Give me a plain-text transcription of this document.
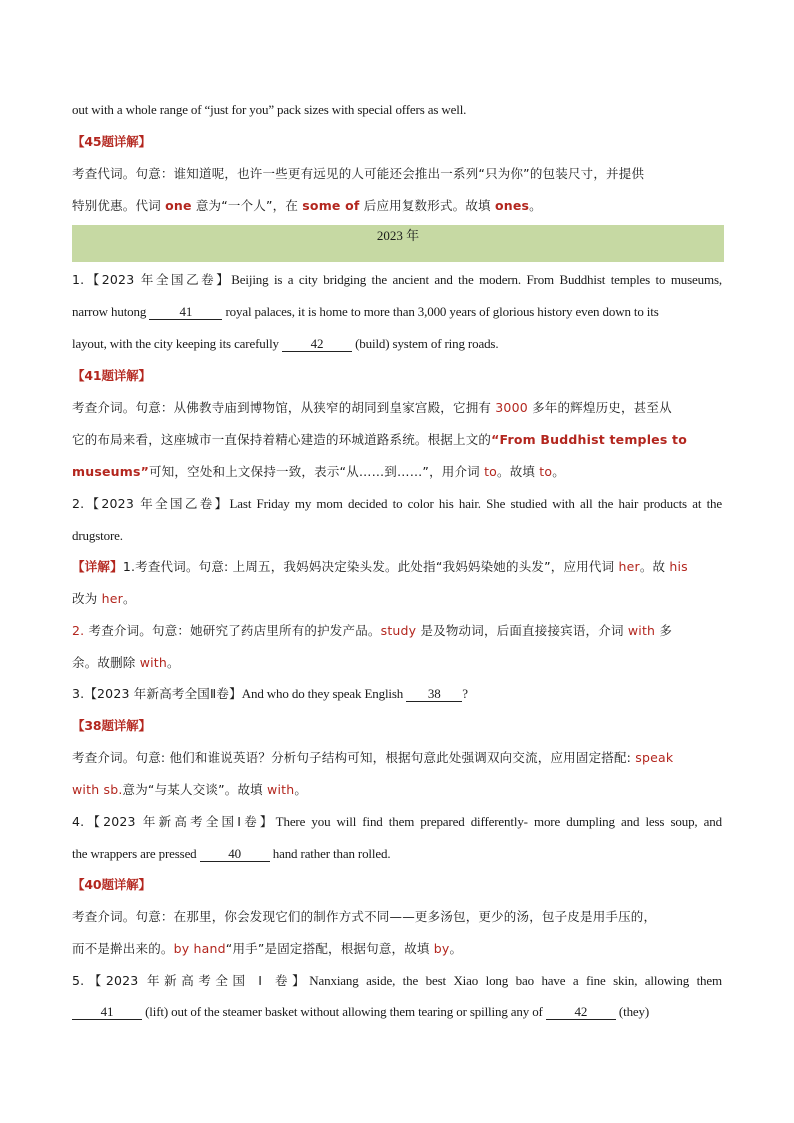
out with a whole range of “just for you” pack sizes with special offers as well.
【45题详解】
考查代词。句意：谁知道呢，也许一些更有远见的人可能还会推出一系列“只为你”的包装尺寸，并提供
特别优惠。代词 one 意为“一个人”，在 some of 后应用复数形式。故填 ones。
2023 年
1.【2023 年全国乙卷】Beijing is a city bridging the ancient and the modern. From Buddhist temples to museums,
narrow hutong 41 royal palaces, it is home to more than 3,000 years of glorious history even down to its
layout, with the city keeping its carefully 42 (build) system of ring roads.
【41题详解】
考查介词。句意：从佛教寺庙到博物馆，从狭窄的胡同到皇家宫殿，它拥有 3000 多年的辉煌历史，甚至从
它的布局来看，这座城市一直保持着精心建造的环城道路系统。根据上文的“From Buddhist temples to
museums”可知，空处和上文保持一致，表示“从……到……”，用介词 to。故填 to。
2.【2023 年全国乙卷】Last Friday my mom decided to color his hair. She studied with all the hair products at the
drugstore.
【详解】1.考查代词。句意: 上周五，我妈妈决定染头发。此处指“我妈妈染她的头发”，应用代词 her。故 his
改为 her。
2. 考查介词。句意：她研究了药店里所有的护发产品。study 是及物动词，后面直接接宾语，介词 with 多
余。故删除 with。
3.【2023 年新高考全国Ⅱ卷】And who do they speak English 38 ?
【38题详解】
考查介词。句意: 他们和谁说英语？分析句子结构可知，根据句意此处强调双向交流，应用固定搭配: speak
with sb.意为“与某人交谈”。故填 with。
4.【2023 年新高考全国Ⅰ卷】There you will find them prepared differently- more dumpling and less soup, and
the wrappers are pressed 40 hand rather than rolled.
【40题详解】
考查介词。句意：在那里，你会发现它们的制作方式不同——更多汤包，更少的汤，包子皮是用手压的，
而不是擀出来的。by hand“用手”是固定搭配，根据句意，故填 by。
5.【2023 年新高考全国 Ⅰ 卷】Nanxiang aside, the best Xiao long bao have a fine skin, allowing them
41 (lift) out of the steamer basket without allowing them tearing or spilling any of 42 (they)
